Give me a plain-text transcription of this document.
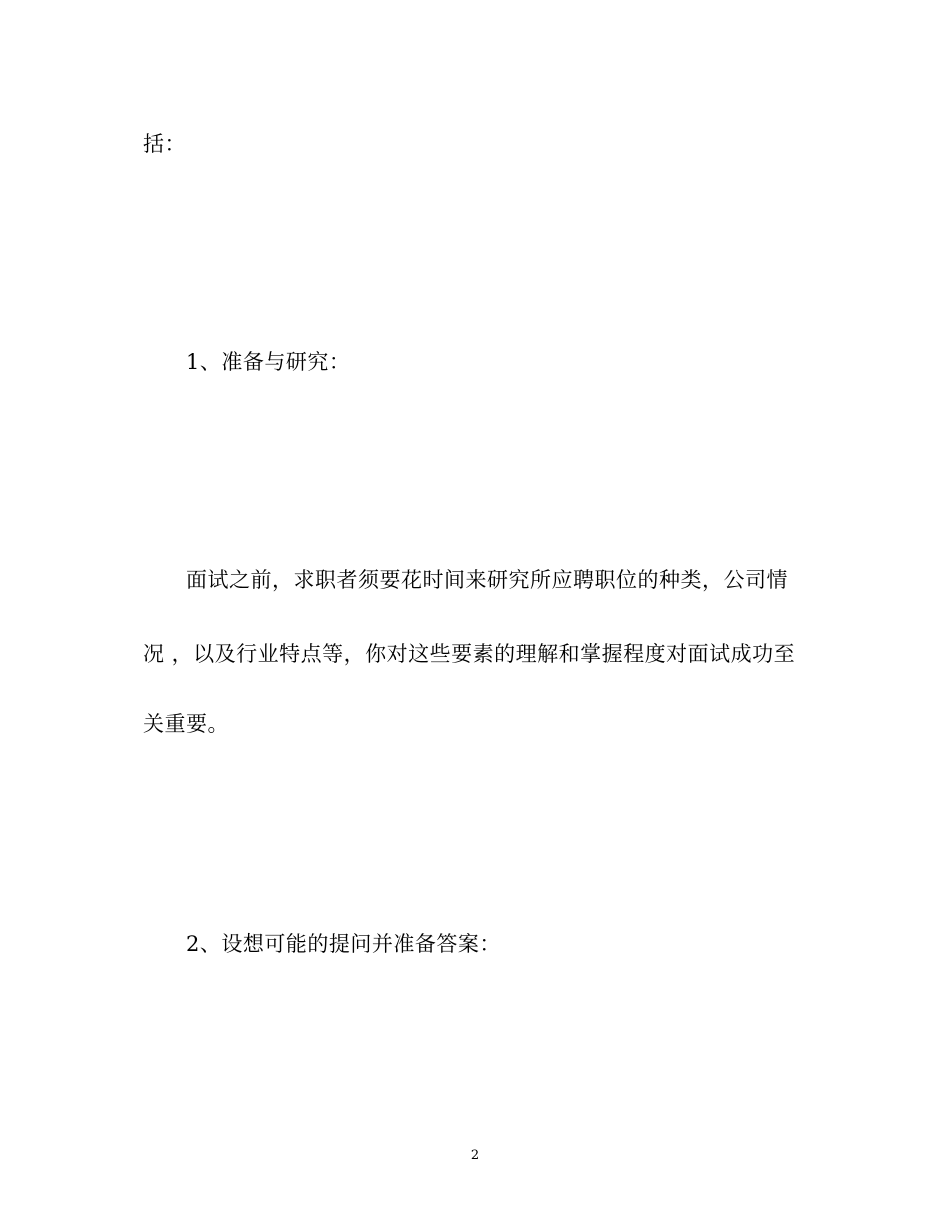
括：
1、准备与研究：
面试之前，求职者须要花时间来研究所应聘职位的种类，公司情
况 ，以及行业特点等，你对这些要素的理解和掌握程度对面试成功至
关重要。
2、设想可能的提问并准备答案：
2
